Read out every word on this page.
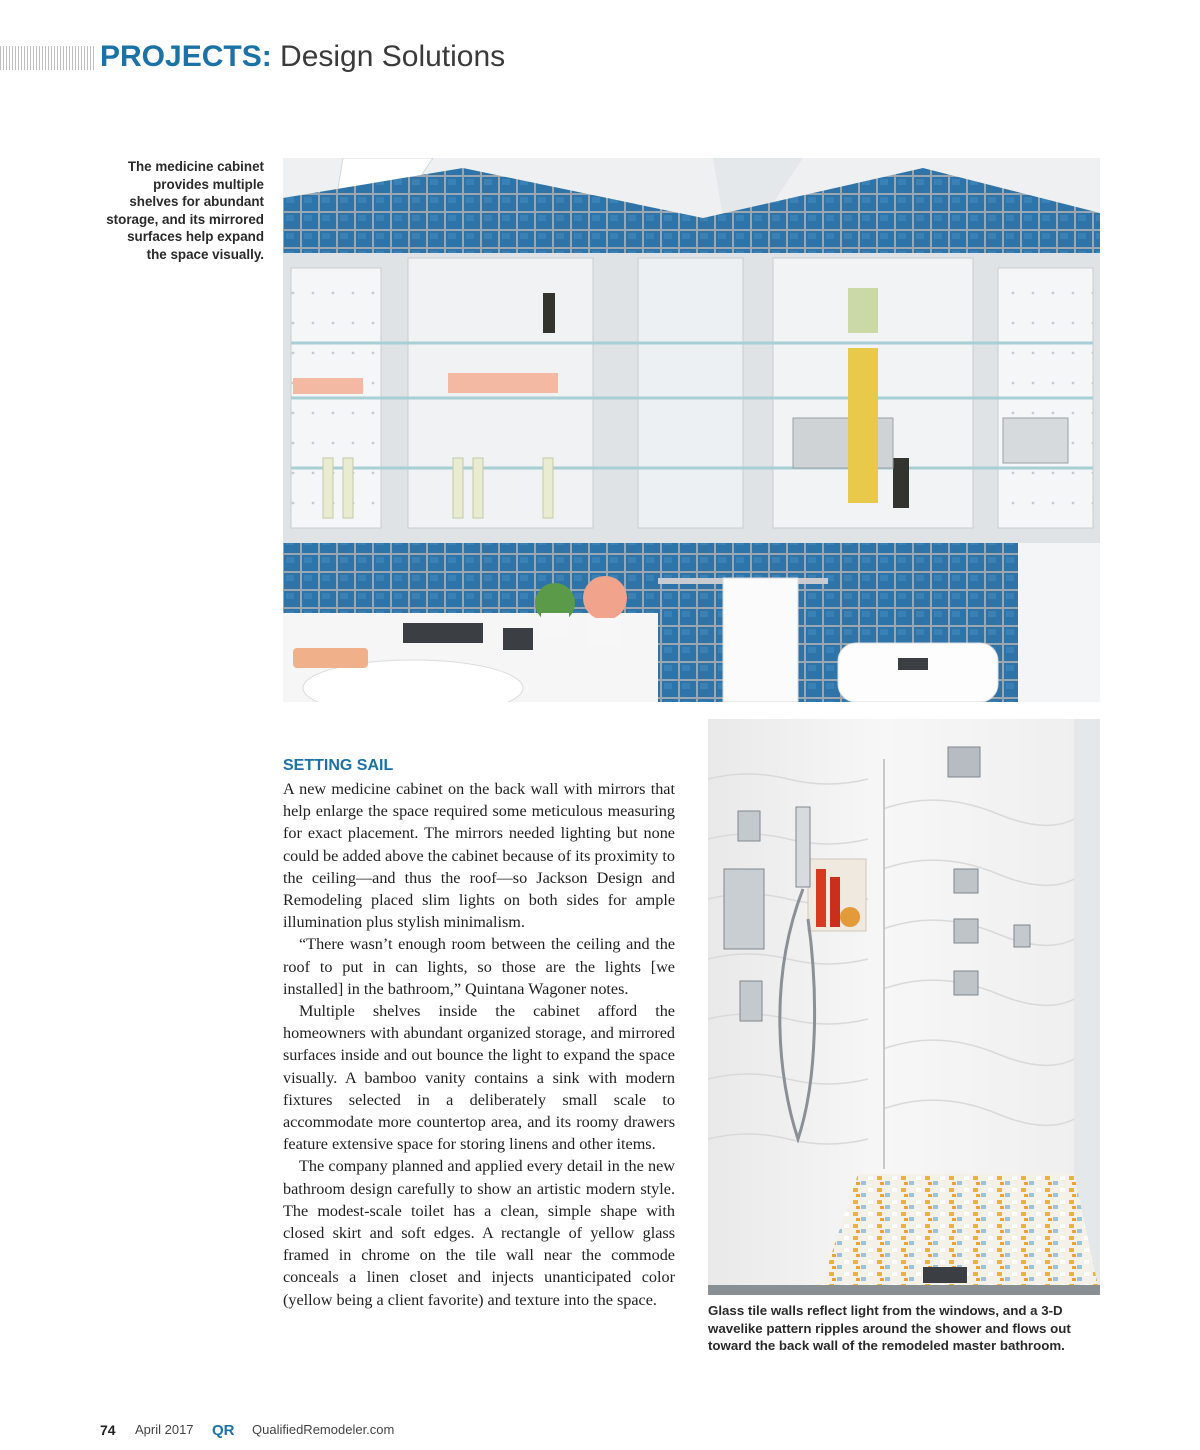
PROJECTS: Design Solutions
The medicine cabinet provides multiple shelves for abundant storage, and its mirrored surfaces help expand the space visually.
Glass tile walls reflect light from the windows, and a 3-D wavelike pattern ripples around the shower and flows out toward the back wall of the remodeled master bathroom.
SETTING SAIL

A new medicine cabinet on the back wall with mirrors that help enlarge the space required some meticulous measuring for exact placement. The mirrors needed lighting but none could be added above the cabinet because of its proximity to the ceiling—and thus the roof—so Jackson Design and Remodeling placed slim lights on both sides for ample illumination plus stylish minimalism.

“There wasn’t enough room between the ceiling and the roof to put in can lights, so those are the lights [we installed] in the bathroom,” Quintana Wagoner notes.

Multiple shelves inside the cabinet afford the homeowners with abundant organized storage, and mirrored surfaces inside and out bounce the light to expand the space visually. A bamboo vanity contains a sink with modern fixtures selected in a deliberately small scale to accommodate more countertop area, and its roomy drawers feature extensive space for storing linens and other items.

The company planned and applied every detail in the new bathroom design carefully to show an artistic modern style. The modest-scale toilet has a clean, simple shape with closed skirt and soft edges. A rectangle of yellow glass framed in chrome on the tile wall near the commode conceals a linen closet and injects unanticipated color (yellow being a client favorite) and texture into the space.

74 April 2017 QR QualifiedRemodeler.com
